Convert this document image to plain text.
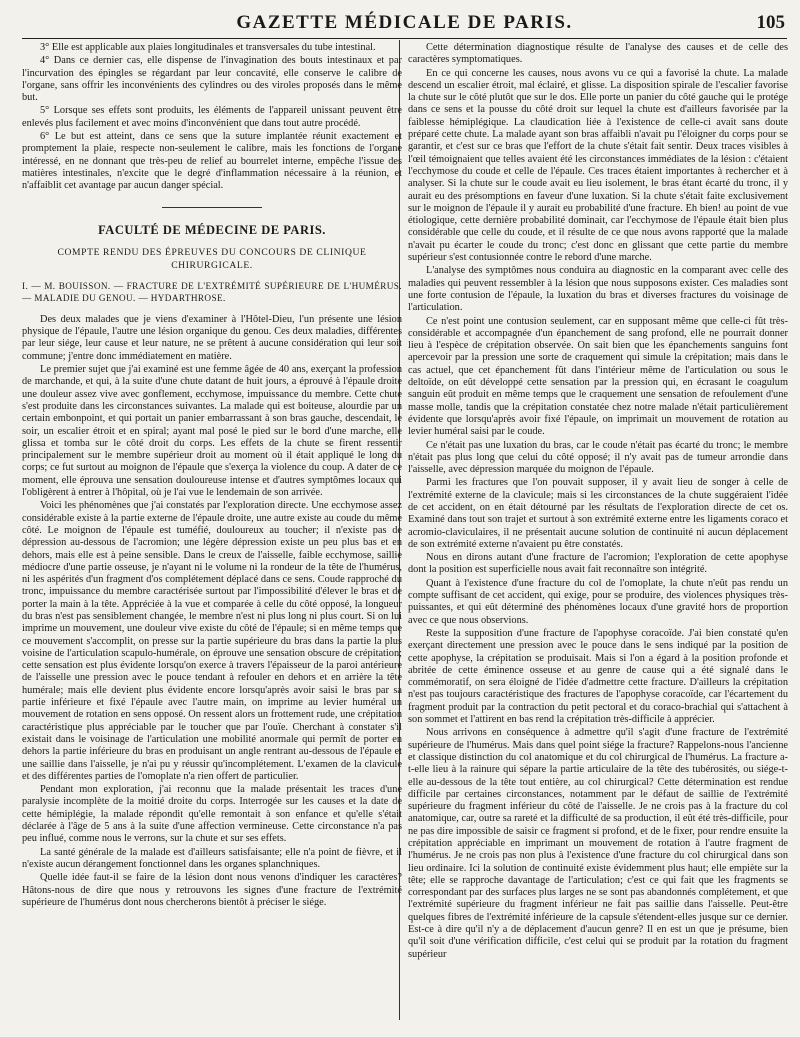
GAZETTE MÉDICALE DE PARIS.	105

3° Elle est applicable aux plaies longitudinales et transversales du tube intestinal.

4° Dans ce dernier cas, elle dispense de l'invagination des bouts intestinaux et par l'incurvation des épingles se régardant par leur concavité, elle conserve le calibre de l'organe, sans offrir les inconvénients des cylindres ou des viroles proposés dans le même but.

5° Lorsque ses effets sont produits, les éléments de l'appareil unissant peuvent être enlevés plus facilement et avec moins d'inconvénient que dans tout autre procédé.

6° Le but est atteint, dans ce sens que la suture implantée réunit exactement et promptement la plaie, respecte non-seulement le calibre, mais les fonctions de l'organe intéressé, en ne donnant que très-peu de relief au bourrelet interne, empêche l'issue des matières intestinales, n'excite que le degré d'inflammation nécessaire à la réunion, et n'affaiblit cet avantage par aucun danger spécial.

FACULTÉ DE MÉDECINE DE PARIS.
COMPTE RENDU DES ÉPREUVES DU CONCOURS DE CLINIQUE CHIRURGICALE.
I. — M. BOUISSON. — FRACTURE DE L'EXTRÉMITÉ SUPÉRIEURE DE L'HUMÉRUS. — MALADIE DU GENOU. — HYDARTHROSE.

Des deux malades que je viens d'examiner à l'Hôtel-Dieu, l'un présente une lésion physique de l'épaule, l'autre une lésion organique du genou. Ces deux maladies, différentes par leur siége, leur cause et leur nature, ne se prêtent à aucune considération qui leur soit commune; j'entre donc immédiatement en matière.

Le premier sujet que j'ai examiné est une femme âgée de 40 ans, exerçant la profession de marchande, et qui, à la suite d'une chute datant de huit jours, a éprouvé à l'épaule droite une douleur assez vive avec gonflement, ecchymose, impuissance du membre. Cette chute s'est produite dans les circonstances suivantes. La malade qui est boiteuse, alourdie par un certain embonpoint, et qui portait un panier embarrassant à son bras gauche, descendait, le soir, un escalier étroit et en spiral; ayant mal posé le pied sur le bord d'une marche, elle glissa et tomba sur le côté droit du corps. Les effets de la chute se firent ressentir principalement sur le membre supérieur droit au moment où il était appliqué le long du corps; ce fut surtout au moignon de l'épaule que s'exerça la violence du coup. A dater de ce moment, elle éprouva une sensation douloureuse intense et d'autres symptômes locaux qui l'obligèrent à entrer à l'hôpital, où je l'ai vue le lendemain de son arrivée.

Voici les phénomènes que j'ai constatés par l'exploration directe. Une ecchymose assez considérable existe à la partie externe de l'épaule droite, une autre existe au coude du même côté. Le moignon de l'épaule est tuméfié, douloureux au toucher; il n'existe pas de dépression au-dessous de l'acromion; une légère dépression existe un peu plus bas et en dehors, mais elle est à peine sensible. Dans le creux de l'aisselle, faible ecchymose, saillie médiocre d'une partie osseuse, je n'ayant ni le volume ni la rondeur de la tête de l'humérus, ni les aspérités d'un fragment d'os complétement déplacé dans ce sens. Coude rapproché du tronc, impuissance du membre caractérisée surtout par l'impossibilité d'élever le bras et de porter la main à la tête. Appréciée à la vue et comparée à celle du côté opposé, la longueur du bras n'est pas sensiblement changée, le membre n'est ni plus long ni plus court. Si on lui imprime un mouvement, une douleur vive existe du côté de l'épaule; si en même temps que ce mouvement s'accomplit, on presse sur la partie supérieure du bras dans la partie la plus voisine de l'articulation scapulo-humérale, on éprouve une sensation obscure de crépitation; cette sensation est plus évidente lorsqu'on exerce à travers l'épaisseur de la paroi antérieure de l'aisselle une pression avec le pouce tendant à refouler en dehors et en arrière la tête humérale; mais elle devient plus évidente encore lorsqu'après avoir saisi le bras par sa partie inférieure et fixé l'épaule avec l'autre main, on imprime au levier huméral un mouvement de rotation en sens opposé. On ressent alors un frottement rude, une crépitation caractéristique plus appréciable par le toucher que par l'ouïe. Cherchant à constater s'il existait dans le voisinage de l'articulation une mobilité anormale qui permît de porter en dehors la partie inférieure du bras en produisant un angle rentrant au-dessous de l'épaule et une saillie dans l'aisselle, je n'ai pu y réussir qu'incomplétement. L'examen de la clavicule et des différentes parties de l'omoplate n'a rien offert de particulier.

Pendant mon exploration, j'ai reconnu que la malade présentait les traces d'une paralysie incomplète de la moitié droite du corps. Interrogée sur les causes et la date de cette hémiplégie, la malade répondit qu'elle remontait à son enfance et qu'elle s'était déclarée à l'âge de 5 ans à la suite d'une affection vermineuse. Cette circonstance n'a pas peu influé, comme nous le verrons, sur la chute et sur ses effets.

La santé générale de la malade est d'ailleurs satisfaisante; elle n'a point de fièvre, et il n'existe aucun dérangement fonctionnel dans les organes splanchniques.

Quelle idée faut-il se faire de la lésion dont nous venons d'indiquer les caractères? Hâtons-nous de dire que nous y retrouvons les signes d'une fracture de l'extrémité supérieure de l'humérus dont nous chercherons bientôt à préciser le siége.

Cette détermination diagnostique résulte de l'analyse des causes et de celle des caractères symptomatiques.

En ce qui concerne les causes, nous avons vu ce qui a favorisé la chute. La malade descend un escalier étroit, mal éclairé, et glisse. La disposition spirale de l'escalier favorise la chute sur le côté plutôt que sur le dos. Elle porte un panier du côté gauche qui le protége dans ce sens et la pousse du côté droit sur lequel la chute est d'ailleurs favorisée par la faiblesse hémiplégique. La claudication liée à l'existence de celle-ci avait sans doute préparé cette chute. La malade ayant son bras affaibli n'avait pu l'éloigner du corps pour se garantir, et c'est sur ce bras que l'effort de la chute s'était fait sentir. Deux traces visibles à l'œil témoignaient que telles avaient été les circonstances immédiates de la lésion : c'étaient l'ecchymose du coude et celle de l'épaule. Ces traces étaient importantes à rechercher et à analyser. Si la chute sur le coude avait eu lieu isolement, le bras étant écarté du tronc, il y aurait eu des présomptions en faveur d'une luxation. Si la chute s'était faite exclusivement sur le moignon de l'épaule il y aurait eu probabilité d'une fracture. Eh bien! au point de vue étiologique, cette dernière probabilité dominait, car l'ecchymose de l'épaule était bien plus considérable que celle du coude, et il résulte de ce que nous avons rapporté que la malade n'avait pu écarter le coude du tronc; c'est donc en glissant que cette partie du membre supérieur s'est contusionnée contre le rebord d'une marche.

L'analyse des symptômes nous conduira au diagnostic en la comparant avec celle des maladies qui peuvent ressembler à la lésion que nous supposons exister. Ces maladies sont une forte contusion de l'épaule, la luxation du bras et diverses fractures du voisinage de l'articulation.

Ce n'est point une contusion seulement, car en supposant même que celle-ci fût très-considérable et accompagnée d'un épanchement de sang profond, elle ne pourrait donner lieu à l'espèce de crépitation observée. On sait bien que les épanchements sanguins font apercevoir par la pression une sorte de craquement qui simule la crépitation; mais dans le cas actuel, que cet épanchement fût dans l'intérieur même de l'articulation ou sous le deltoïde, on eût développé cette sensation par la pression qui, en écrasant le coagulum sanguin eût produit en même temps que le craquement une sensation de refoulement d'une masse molle, tandis que la crépitation constatée chez notre malade n'était particulièrement évidente que lorsqu'après avoir fixé l'épaule, on imprimait un mouvement de rotation au levier huméral saisi par le coude.

Ce n'était pas une luxation du bras, car le coude n'était pas écarté du tronc; le membre n'était pas plus long que celui du côté opposé; il n'y avait pas de tumeur arrondie dans l'aisselle, avec dépression marquée du moignon de l'épaule.

Parmi les fractures que l'on pouvait supposer, il y avait lieu de songer à celle de l'extrémité externe de la clavicule; mais si les circonstances de la chute suggéraient l'idée de cet accident, on en était détourné par les résultats de l'exploration directe de cet os. Examiné dans tout son trajet et surtout à son extrémité externe entre les ligaments coraco et acromio-claviculaires, il ne présentait aucune solution de continuité ni aucun déplacement de son extrémité externe n'avaient pu être constatés.

Nous en dirons autant d'une fracture de l'acromion; l'exploration de cette apophyse dont la position est superficielle nous avait fait reconnaître son intégrité.

Quant à l'existence d'une fracture du col de l'omoplate, la chute n'eût pas rendu un compte suffisant de cet accident, qui exige, pour se produire, des violences physiques très-puissantes, et qui eût déterminé des phénomènes locaux d'une gravité hors de proportion avec ce que nous observions.

Reste la supposition d'une fracture de l'apophyse coracoïde. J'ai bien constaté qu'en exerçant directement une pression avec le pouce dans le sens indiqué par la position de cette apophyse, la crépitation se produisait. Mais si l'on a égard à la position profonde et abritée de cette éminence osseuse et au genre de cause qui a été signalé dans le commémoratif, on sera éloigné de l'idée d'admettre cette fracture. D'ailleurs la crépitation n'est pas toujours caractéristique des fractures de l'apophyse coracoïde, car l'écartement du fragment produit par la contraction du petit pectoral et du coraco-brachial qui s'attachent à son sommet et l'attirent en bas rend la crépitation très-difficile à apprécier.

Nous arrivons en conséquence à admettre qu'il s'agit d'une fracture de l'extrémité supérieure de l'humérus. Mais dans quel point siége la fracture? Rappelons-nous l'ancienne et classique distinction du col anatomique et du col chirurgical de l'humérus. La fracture a-t-elle lieu à la rainure qui sépare la partie articulaire de la tête des tubérosités, ou siége-t-elle au-dessous de la tête tout entière, au col chirurgical? Cette détermination est rendue difficile par certaines circonstances, notamment par le défaut de saillie de l'extrémité supérieure du fragment inférieur du côté de l'aisselle. Je ne crois pas à la fracture du col anatomique, car, outre sa rareté et la difficulté de sa production, il eût été très-difficile, pour ne pas dire impossible de saisir ce fragment si profond, et de le fixer, pour rendre ensuite la crépitation appréciable en imprimant un mouvement de rotation à l'autre fragment de l'humérus. Je ne crois pas non plus à l'existence d'une fracture du col chirurgical dans son lieu ordinaire. Ici la solution de continuité existe évidemment plus haut; elle empiète sur la tête; elle se rapproche davantage de l'articulation; c'est ce qui fait que les fragments se correspondant par des surfaces plus larges ne se sont pas abandonnés complétement, et que l'extrémité supérieure du fragment inférieur ne fait pas saillie dans l'aisselle. Peut-être quelques fibres de l'extrémité inférieure de la capsule s'étendent-elles jusque sur ce dernier. Est-ce à dire qu'il n'y a de déplacement d'aucun genre? Il en est un que je présume, bien qu'il soit d'une vérification difficile, c'est celui qui se produit par la rotation du fragment supérieur
